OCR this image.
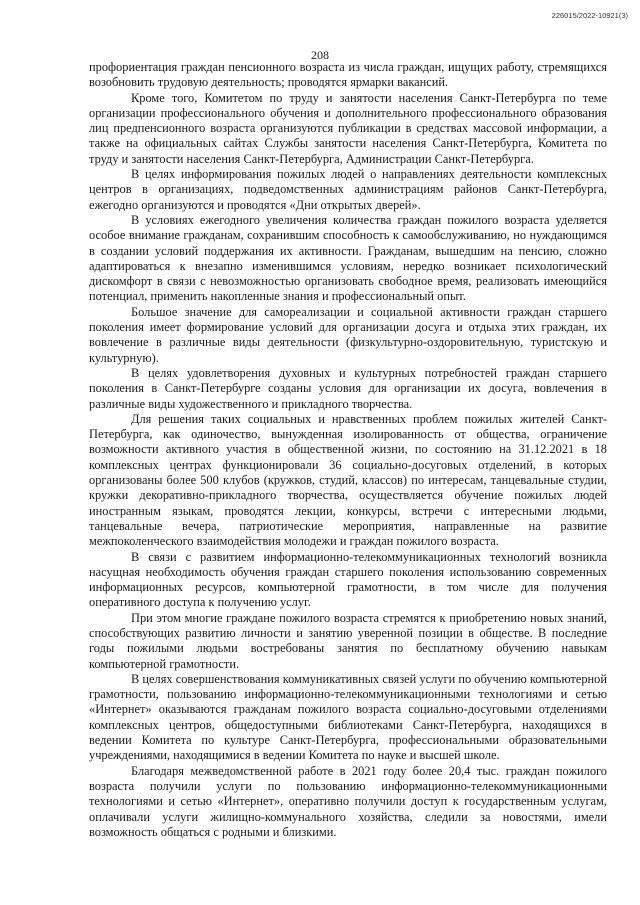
226015/2022-10921(3)
208

профориентация граждан пенсионного возраста из числа граждан, ищущих работу, стремящихся возобновить трудовую деятельность; проводятся ярмарки вакансий.

Кроме того, Комитетом по труду и занятости населения Санкт-Петербурга по теме организации профессионального обучения и дополнительного профессионального образования лиц предпенсионного возраста организуются публикации в средствах массовой информации, а также на официальных сайтах Службы занятости населения Санкт-Петербурга, Комитета по труду и занятости населения Санкт-Петербурга, Администрации Санкт-Петербурга.

В целях информирования пожилых людей о направлениях деятельности комплексных центров в организациях, подведомственных администрациям районов Санкт-Петербурга, ежегодно организуются и проводятся «Дни открытых дверей».

В условиях ежегодного увеличения количества граждан пожилого возраста уделяется особое внимание гражданам, сохранившим способность к самообслуживанию, но нуждающимся в создании условий поддержания их активности. Гражданам, вышедшим на пенсию, сложно адаптироваться к внезапно изменившимся условиям, нередко возникает психологический дискомфорт в связи с невозможностью организовать свободное время, реализовать имеющийся потенциал, применить накопленные знания и профессиональный опыт.

Большое значение для самореализации и социальной активности граждан старшего поколения имеет формирование условий для организации досуга и отдыха этих граждан, их вовлечение в различные виды деятельности (физкультурно-оздоровительную, туристскую и культурную).

В целях удовлетворения духовных и культурных потребностей граждан старшего поколения в Санкт-Петербурге созданы условия для организации их досуга, вовлечения в различные виды художественного и прикладного творчества.

Для решения таких социальных и нравственных проблем пожилых жителей Санкт-Петербурга, как одиночество, вынужденная изолированность от общества, ограничение возможности активного участия в общественной жизни, по состоянию на 31.12.2021 в 18 комплексных центрах функционировали 36 социально-досуговых отделений, в которых организованы более 500 клубов (кружков, студий, классов) по интересам, танцевальные студии, кружки декоративно-прикладного творчества, осуществляется обучение пожилых людей иностранным языкам, проводятся лекции, конкурсы, встречи с интересными людьми, танцевальные вечера, патриотические мероприятия, направленные на развитие межпоколенческого взаимодействия молодежи и граждан пожилого возраста.

В связи с развитием информационно-телекоммуникационных технологий возникла насущная необходимость обучения граждан старшего поколения использованию современных информационных ресурсов, компьютерной грамотности, в том числе для получения оперативного доступа к получению услуг.

При этом многие граждане пожилого возраста стремятся к приобретению новых знаний, способствующих развитию личности и занятию уверенной позиции в обществе. В последние годы пожилыми людьми востребованы занятия по бесплатному обучению навыкам компьютерной грамотности.

В целях совершенствования коммуникативных связей услуги по обучению компьютерной грамотности, пользованию информационно-телекоммуникационными технологиями и сетью «Интернет» оказываются гражданам пожилого возраста социально-досуговыми отделениями комплексных центров, общедоступными библиотеками Санкт-Петербурга, находящихся в ведении Комитета по культуре Санкт-Петербурга, профессиональными образовательными учреждениями, находящимися в ведении Комитета по науке и высшей школе.

Благодаря межведомственной работе в 2021 году более 20,4 тыс. граждан пожилого возраста получили услуги по пользованию информационно-телекоммуникационными технологиями и сетью «Интернет», оперативно получили доступ к государственным услугам, оплачивали услуги жилищно-коммунального хозяйства, следили за новостями, имели возможность общаться с родными и близкими.
